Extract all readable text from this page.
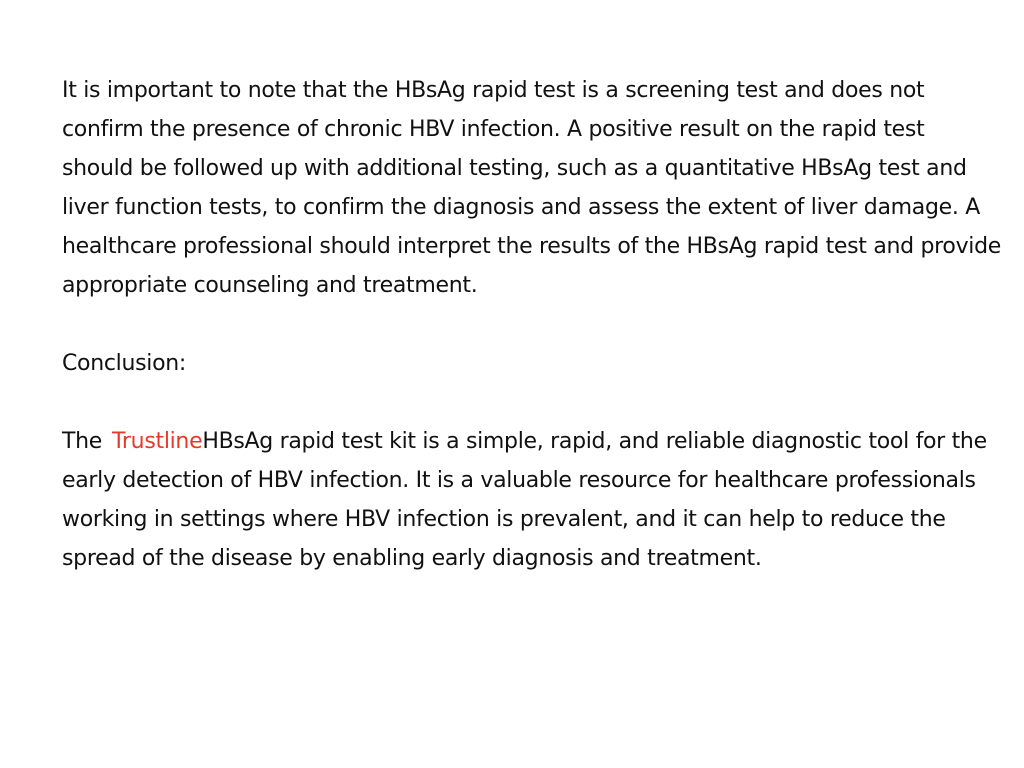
It is important to note that the HBsAg rapid test is a screening test and does not confirm the presence of chronic HBV infection. A positive result on the rapid test should be followed up with additional testing, such as a quantitative HBsAg test and liver function tests, to confirm the diagnosis and assess the extent of liver damage. A healthcare professional should interpret the results of the HBsAg rapid test and provide appropriate counseling and treatment.

Conclusion:

The TrustlineHBsAg rapid test kit is a simple, rapid, and reliable diagnostic tool for the early detection of HBV infection. It is a valuable resource for healthcare professionals working in settings where HBV infection is prevalent, and it can help to reduce the spread of the disease by enabling early diagnosis and treatment.
